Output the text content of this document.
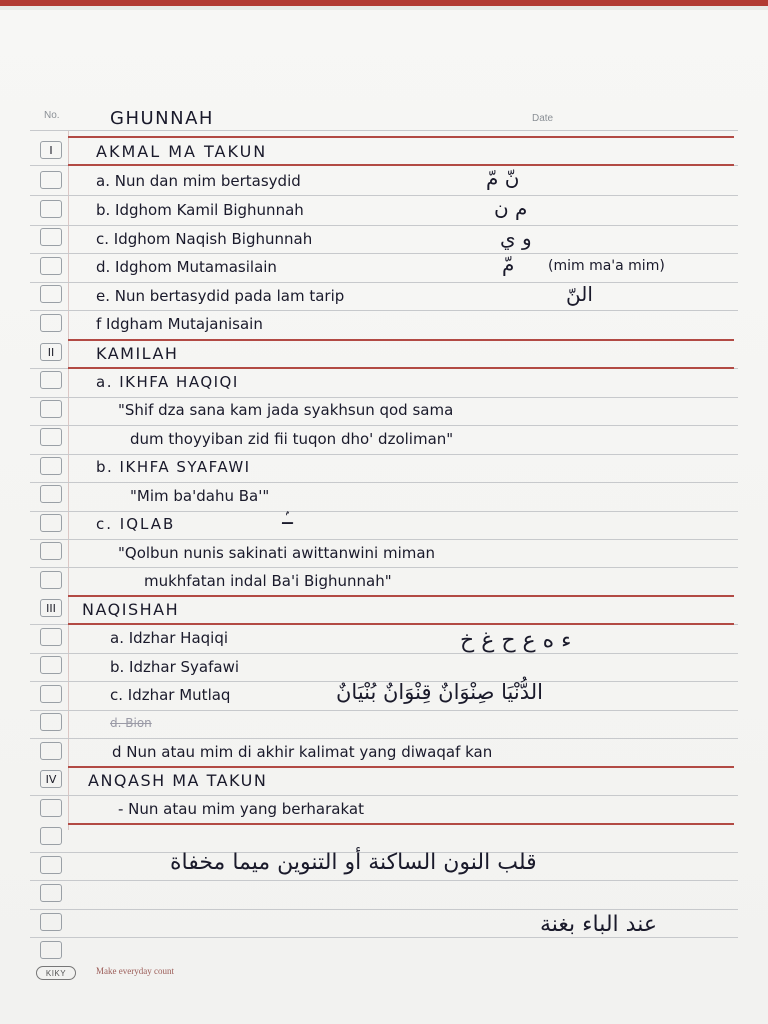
No.	Date
GHUNNAH
I
II
III
IV
AKMAL MA TAKUN
a. Nun dan mim bertasydid	نّ مّ
b. Idghom Kamil Bighunnah	م ن
c. Idghom Naqish Bighunnah	و ي
d. Idghom Mutamasilain	مّ (mim ma'a mim)
e. Nun bertasydid pada lam tarip	النّ
f Idgham Mutajanisain
KAMILAH
a. IKHFA HAQIQI
"Shif dza sana kam jada syakhsun qod sama
dum thoyyiban zid fii tuqon dho' dzoliman"
b. IKHFA SYAFAWI
"Mim ba'dahu Ba'"
c. IQLAB	ـۢ
"Qolbun nunis sakinati awittanwini miman
mukhfatan indal Ba'i Bighunnah"
NAQISHAH
a. Idzhar Haqiqi	ء ه ع ح غ خ
b. Idzhar Syafawi
c. Idzhar Mutlaq	الدُّنْيَا صِنْوَانٌ قِنْوَانٌ بُنْيَانٌ
d. Bion
d Nun atau mim di akhir kalimat yang diwaqaf kan
ANQASH MA TAKUN
- Nun atau mim yang berharakat
قلب النون الساكنة أو التنوين ميما مخفاة
عند الباء بغنة
KIKY	Make everyday count
